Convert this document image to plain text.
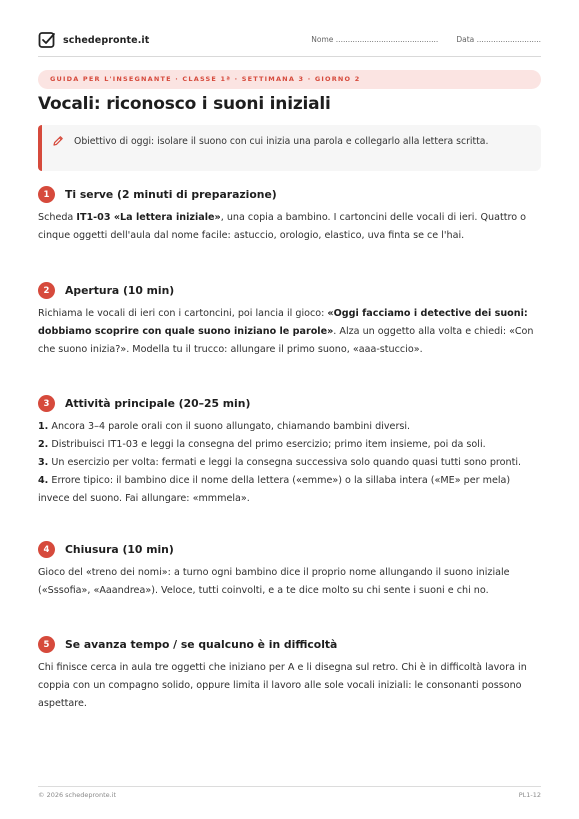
schedepronte.it	Nome ........................................... Data ...........................
GUIDA PER L'INSEGNANTE · CLASSE 1ª · SETTIMANA 3 · GIORNO 2
Vocali: riconosco i suoni iniziali
Obiettivo di oggi: isolare il suono con cui inizia una parola e collegarlo alla lettera scritta.
1	Ti serve (2 minuti di preparazione)

Scheda IT1-03 «La lettera iniziale», una copia a bambino. I cartoncini delle vocali di ieri. Quattro o cinque oggetti dell'aula dal nome facile: astuccio, orologio, elastico, uva finta se ce l'hai.

2	Apertura (10 min)

Richiama le vocali di ieri con i cartoncini, poi lancia il gioco: «Oggi facciamo i detective dei suoni: dobbiamo scoprire con quale suono iniziano le parole». Alza un oggetto alla volta e chiedi: «Con che suono inizia?». Modella tu il trucco: allungare il primo suono, «aaa-stuccio».

3	Attività principale (20–25 min)

1. Ancora 3–4 parole orali con il suono allungato, chiamando bambini diversi.

2. Distribuisci IT1-03 e leggi la consegna del primo esercizio; primo item insieme, poi da soli.

3. Un esercizio per volta: fermati e leggi la consegna successiva solo quando quasi tutti sono pronti.

4. Errore tipico: il bambino dice il nome della lettera («emme») o la sillaba intera («ME» per mela) invece del suono. Fai allungare: «mmmela».

4	Chiusura (10 min)

Gioco del «treno dei nomi»: a turno ogni bambino dice il proprio nome allungando il suono iniziale («Sssofia», «Aaandrea»). Veloce, tutti coinvolti, e a te dice molto su chi sente i suoni e chi no.

5	Se avanza tempo / se qualcuno è in difficoltà

Chi finisce cerca in aula tre oggetti che iniziano per A e li disegna sul retro. Chi è in difficoltà lavora in coppia con un compagno solido, oppure limita il lavoro alle sole vocali iniziali: le consonanti possono aspettare.

© 2026 schedepronte.it	PL1-12
